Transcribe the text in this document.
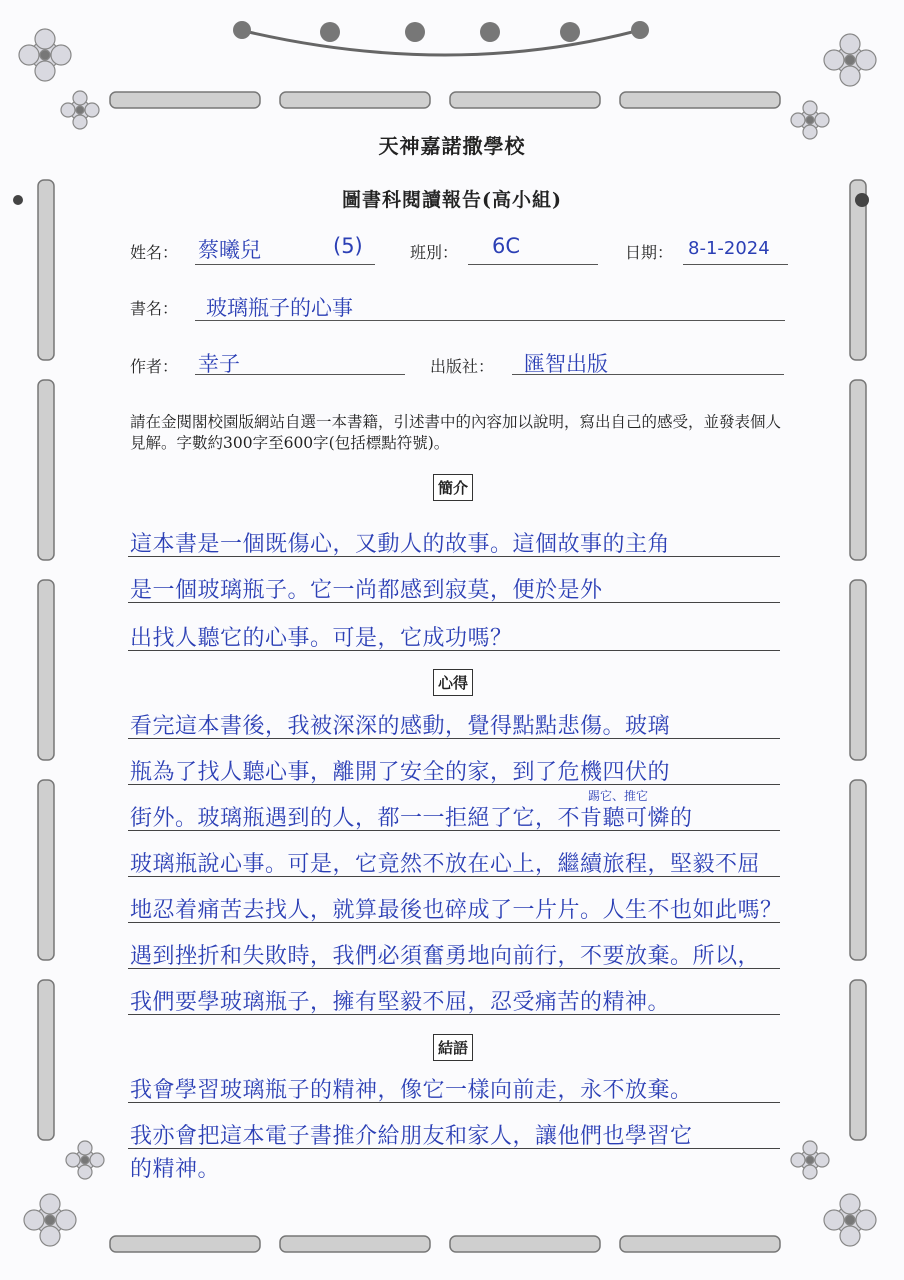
天神嘉諾撒學校
圖書科閱讀報告(高小組)
姓名： 蔡曦兒	(5)	班別： 6C	日期： 8-1-2024
書名： 玻璃瓶子的心事
作者： 幸子	出版社： 匯智出版
請在金閱閣校園版網站自選一本書籍，引述書中的內容加以說明，寫出自己的感受，並發表個人見解。字數約300字至600字(包括標點符號)。
簡介
這本書是一個既傷心，又動人的故事。這個故事的主角
是一個玻璃瓶子。它一尚都感到寂莫，便於是外
出找人聽它的心事。可是，它成功嗎？
心得
看完這本書後，我被深深的感動，覺得點點悲傷。玻璃
瓶為了找人聽心事，離開了安全的家，到了危機四伏的
街外。玻璃瓶遇到的人，都一一拒絕了它，不肯聽可憐的
踢它、推它
玻璃瓶說心事。可是，它竟然不放在心上，繼續旅程，堅毅不屈
地忍着痛苦去找人，就算最後也碎成了一片片。人生不也如此嗎？
遇到挫折和失敗時，我們必須奮勇地向前行，不要放棄。所以，
我們要學玻璃瓶子，擁有堅毅不屈，忍受痛苦的精神。
結語
我會學習玻璃瓶子的精神，像它一樣向前走，永不放棄。
我亦會把這本電子書推介給朋友和家人，讓他們也學習它
的精神。
